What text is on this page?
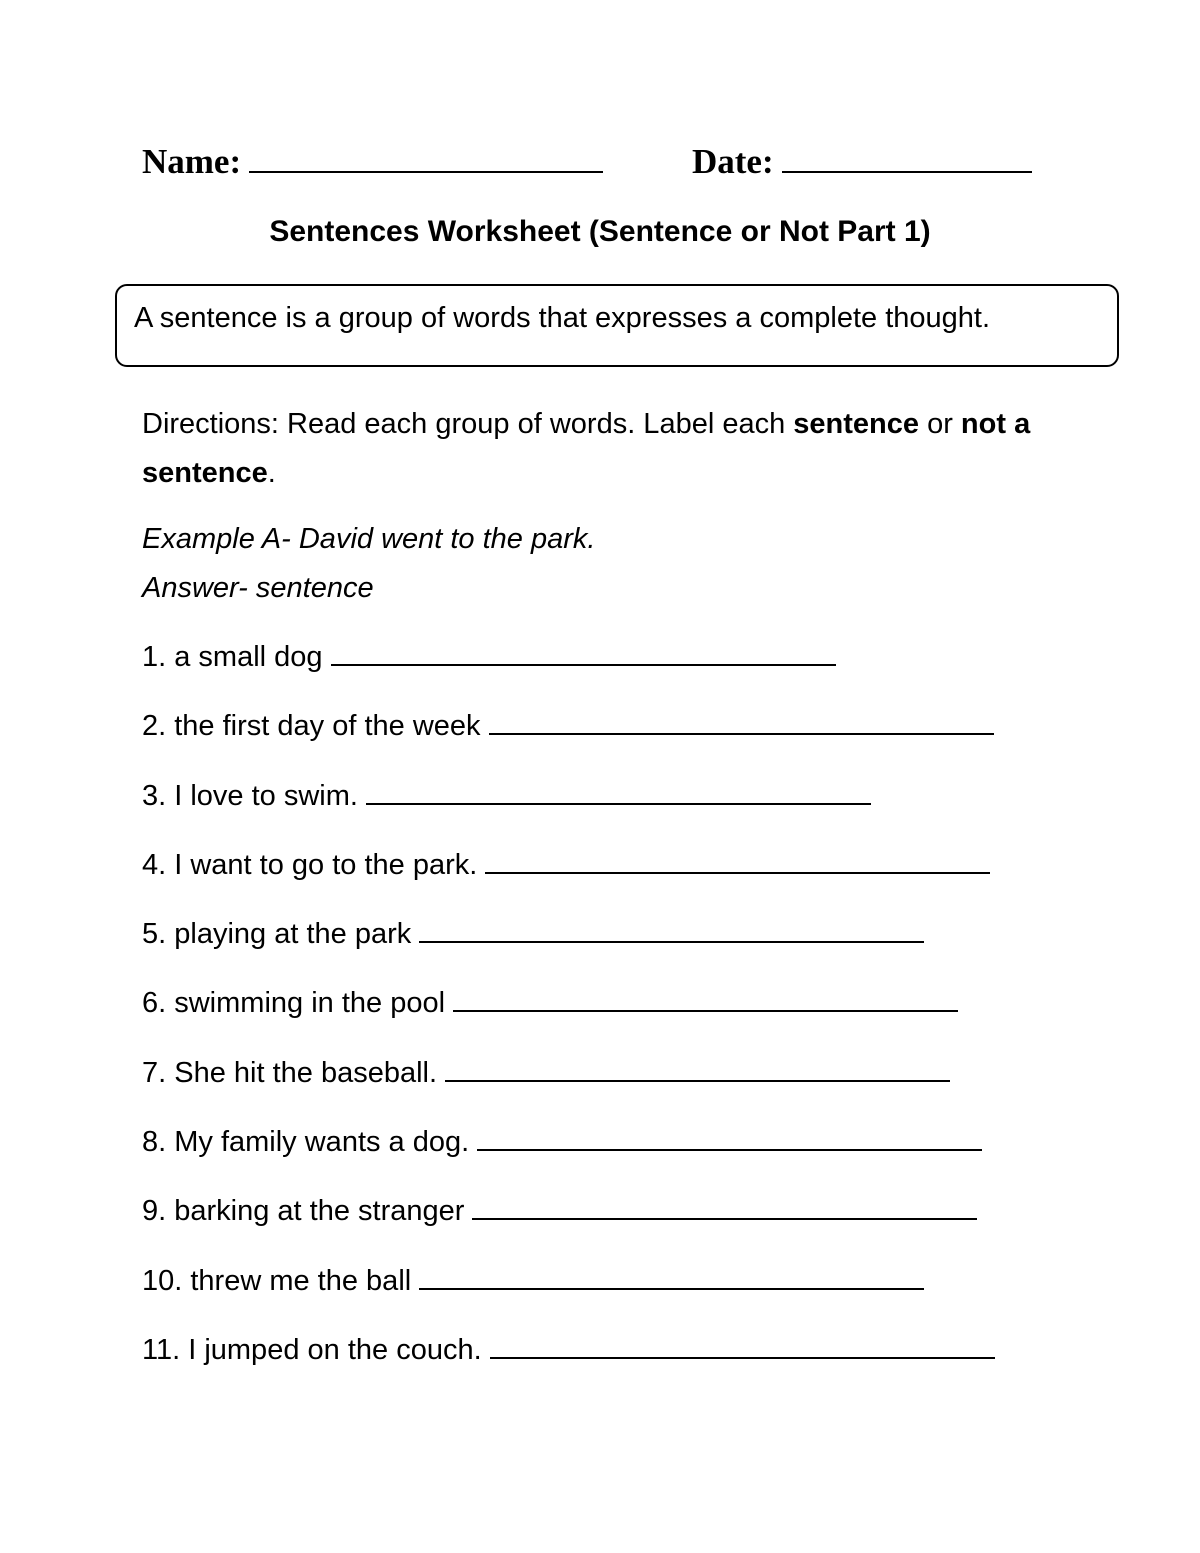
Name:	Date:
Sentences Worksheet (Sentence or Not Part 1)
A sentence is a group of words that expresses a complete thought.
Directions: Read each group of words. Label each sentence or not a sentence.
Example A- David went to the park.
Answer- sentence
1. a small dog
2. the first day of the week
3. I love to swim.
4. I want to go to the park.
5. playing at the park
6. swimming in the pool
7. She hit the baseball.
8. My family wants a dog.
9. barking at the stranger
10. threw me the ball
11. I jumped on the couch.
